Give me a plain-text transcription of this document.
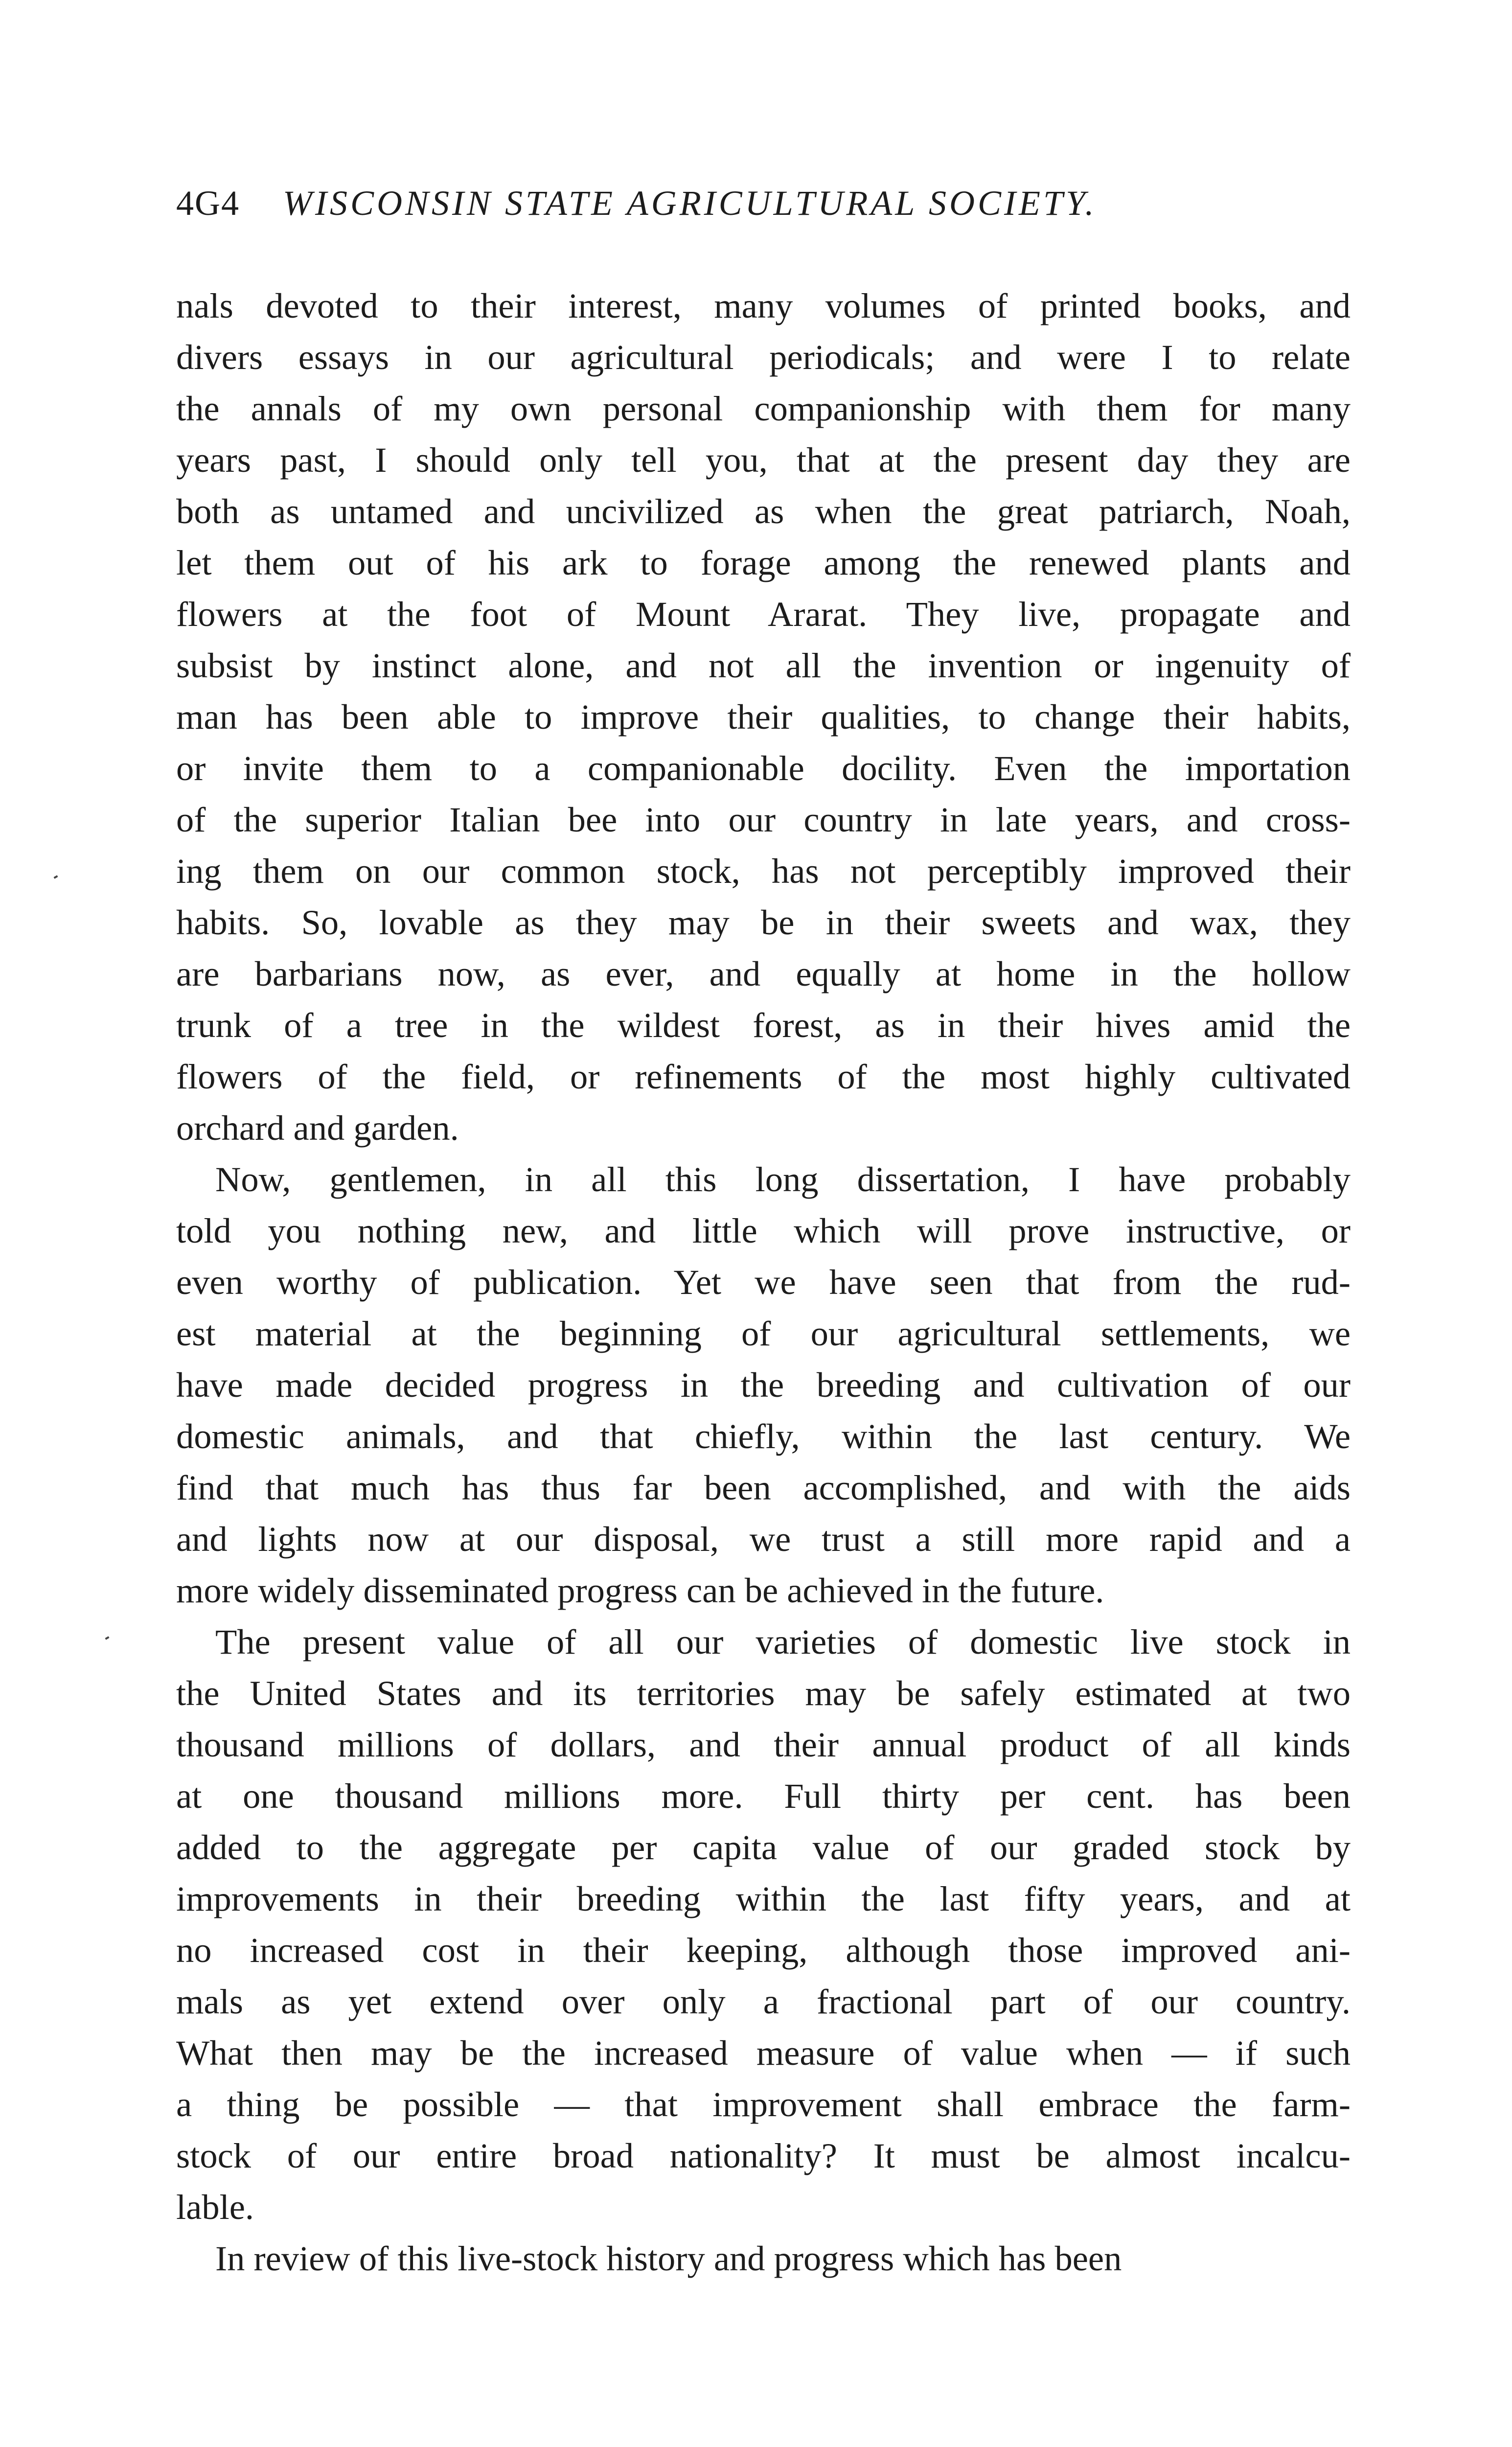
4G4 WISCONSIN STATE AGRICULTURAL SOCIETY.
nals devoted to their interest, many volumes of printed books, and
divers essays in our agricultural periodicals; and were I to relate
the annals of my own personal companionship with them for many
years past, I should only tell you, that at the present day they are
both as untamed and uncivilized as when the great patriarch, Noah,
let them out of his ark to forage among the renewed plants and
flowers at the foot of Mount Ararat. They live, propagate and
subsist by instinct alone, and not all the invention or ingenuity of
man has been able to improve their qualities, to change their habits,
or invite them to a companionable docility. Even the importation
of the superior Italian bee into our country in late years, and cross-
ing them on our common stock, has not perceptibly improved their
habits. So, lovable as they may be in their sweets and wax, they
are barbarians now, as ever, and equally at home in the hollow
trunk of a tree in the wildest forest, as in their hives amid the
flowers of the field, or refinements of the most highly cultivated
orchard and garden.
Now, gentlemen, in all this long dissertation, I have probably
told you nothing new, and little which will prove instructive, or
even worthy of publication. Yet we have seen that from the rud-
est material at the beginning of our agricultural settlements, we
have made decided progress in the breeding and cultivation of our
domestic animals, and that chiefly, within the last century. We
find that much has thus far been accomplished, and with the aids
and lights now at our disposal, we trust a still more rapid and a
more widely disseminated progress can be achieved in the future.
The present value of all our varieties of domestic live stock in
the United States and its territories may be safely estimated at two
thousand millions of dollars, and their annual product of all kinds
at one thousand millions more. Full thirty per cent. has been
added to the aggregate per capita value of our graded stock by
improvements in their breeding within the last fifty years, and at
no increased cost in their keeping, although those improved ani-
mals as yet extend over only a fractional part of our country.
What then may be the increased measure of value when — if such
a thing be possible — that improvement shall embrace the farm-
stock of our entire broad nationality? It must be almost incalcu-
lable.
In review of this live-stock history and progress which has been
